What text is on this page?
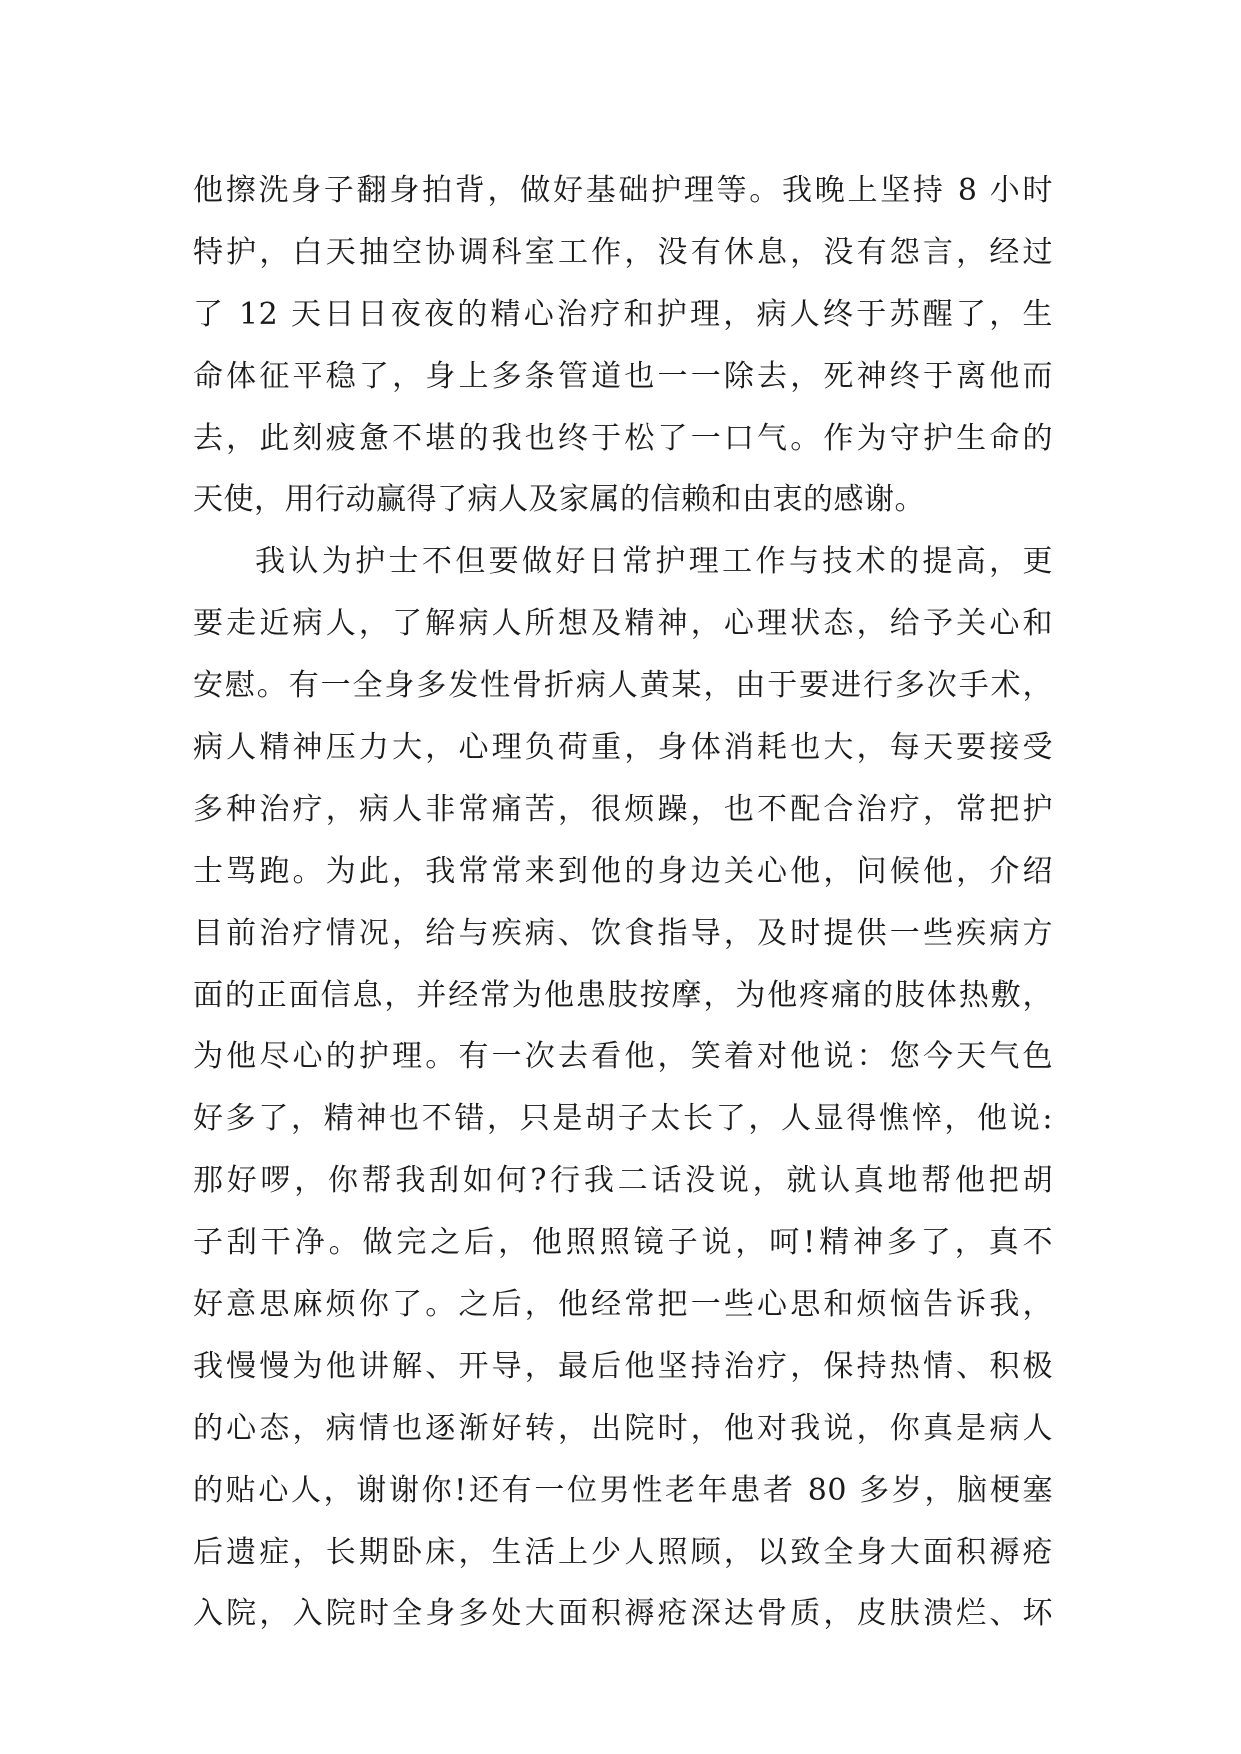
他擦洗身子翻身拍背，做好基础护理等。我晚上坚持 8 小时
特护，白天抽空协调科室工作，没有休息，没有怨言，经过
了 12 天日日夜夜的精心治疗和护理，病人终于苏醒了，生
命体征平稳了，身上多条管道也一一除去，死神终于离他而
去，此刻疲惫不堪的我也终于松了一口气。作为守护生命的
天使，用行动赢得了病人及家属的信赖和由衷的感谢。
我认为护士不但要做好日常护理工作与技术的提高，更
要走近病人，了解病人所想及精神，心理状态，给予关心和
安慰。有一全身多发性骨折病人黄某，由于要进行多次手术，
病人精神压力大，心理负荷重，身体消耗也大，每天要接受
多种治疗，病人非常痛苦，很烦躁，也不配合治疗，常把护
士骂跑。为此，我常常来到他的身边关心他，问候他，介绍
目前治疗情况，给与疾病、饮食指导，及时提供一些疾病方
面的正面信息，并经常为他患肢按摩，为他疼痛的肢体热敷，
为他尽心的护理。有一次去看他，笑着对他说：您今天气色
好多了，精神也不错，只是胡子太长了，人显得憔悴，他说:
那好啰，你帮我刮如何?行我二话没说，就认真地帮他把胡
子刮干净。做完之后，他照照镜子说，呵!精神多了，真不
好意思麻烦你了。之后，他经常把一些心思和烦恼告诉我，
我慢慢为他讲解、开导，最后他坚持治疗，保持热情、积极
的心态，病情也逐渐好转，出院时，他对我说，你真是病人
的贴心人，谢谢你!还有一位男性老年患者 80 多岁，脑梗塞
后遗症，长期卧床，生活上少人照顾，以致全身大面积褥疮
入院，入院时全身多处大面积褥疮深达骨质，皮肤溃烂、坏
